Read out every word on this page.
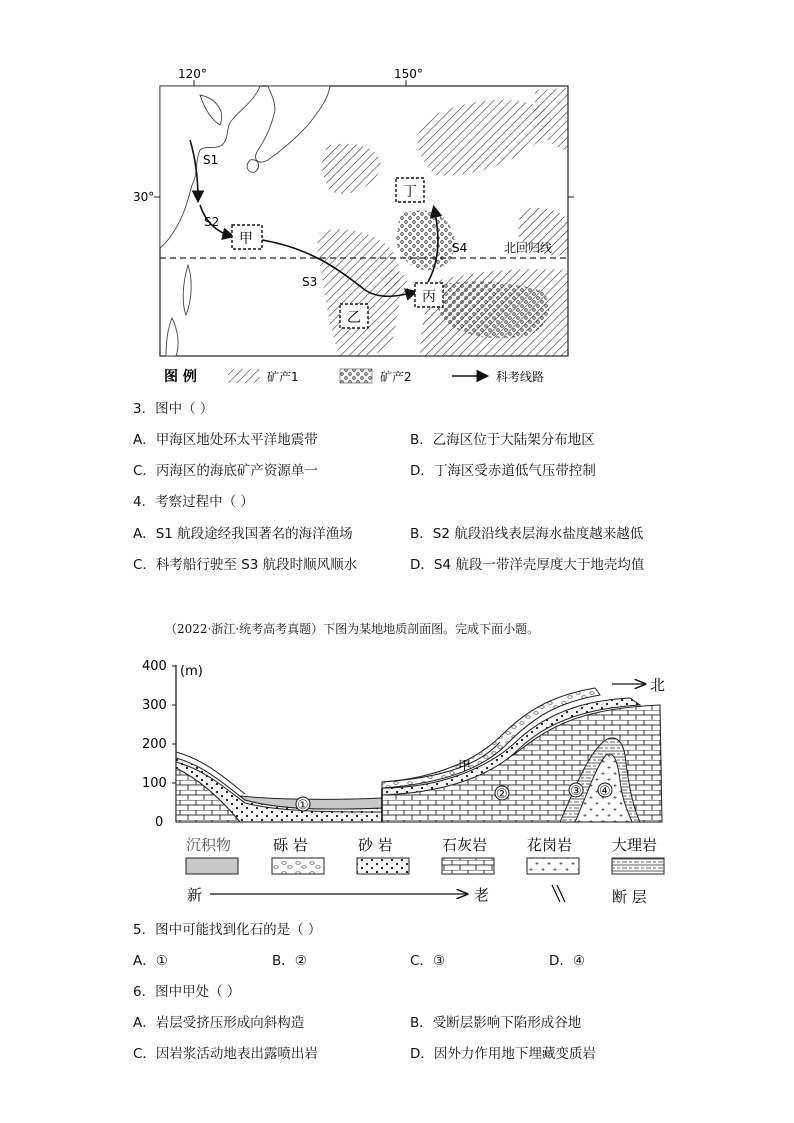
120°	150°
30°
北回归线
S1
S2
S3
S4
甲
乙
丙
丁
图 例	矿产1	矿产2	科考线路
3．图中（ ）
A．甲海区地处环太平洋地震带	B．乙海区位于大陆架分布地区
C．丙海区的海底矿产资源单一	D．丁海区受赤道低气压带控制
4．考察过程中（ ）
A．S1 航段途经我国著名的海洋渔场	B．S2 航段沿线表层海水盐度越来越低
C．科考船行驶至 S3 航段时顺风顺水	D．S4 航段一带洋壳厚度大于地壳均值
（2022·浙江·统考高考真题）下图为某地地质剖面图。完成下面小题。
400
300
200
100
0
(m)
北
甲
①
②	③ ④
沉积物	砾 岩	砂 岩	石灰岩	花岗岩	大理岩
新	老	断 层
5．图中可能找到化石的是（ ）
A．①	B．②	C．③	D．④
6．图中甲处（ ）
A．岩层受挤压形成向斜构造	B．受断层影响下陷形成谷地
C．因岩浆活动地表出露喷出岩	D．因外力作用地下埋藏变质岩
